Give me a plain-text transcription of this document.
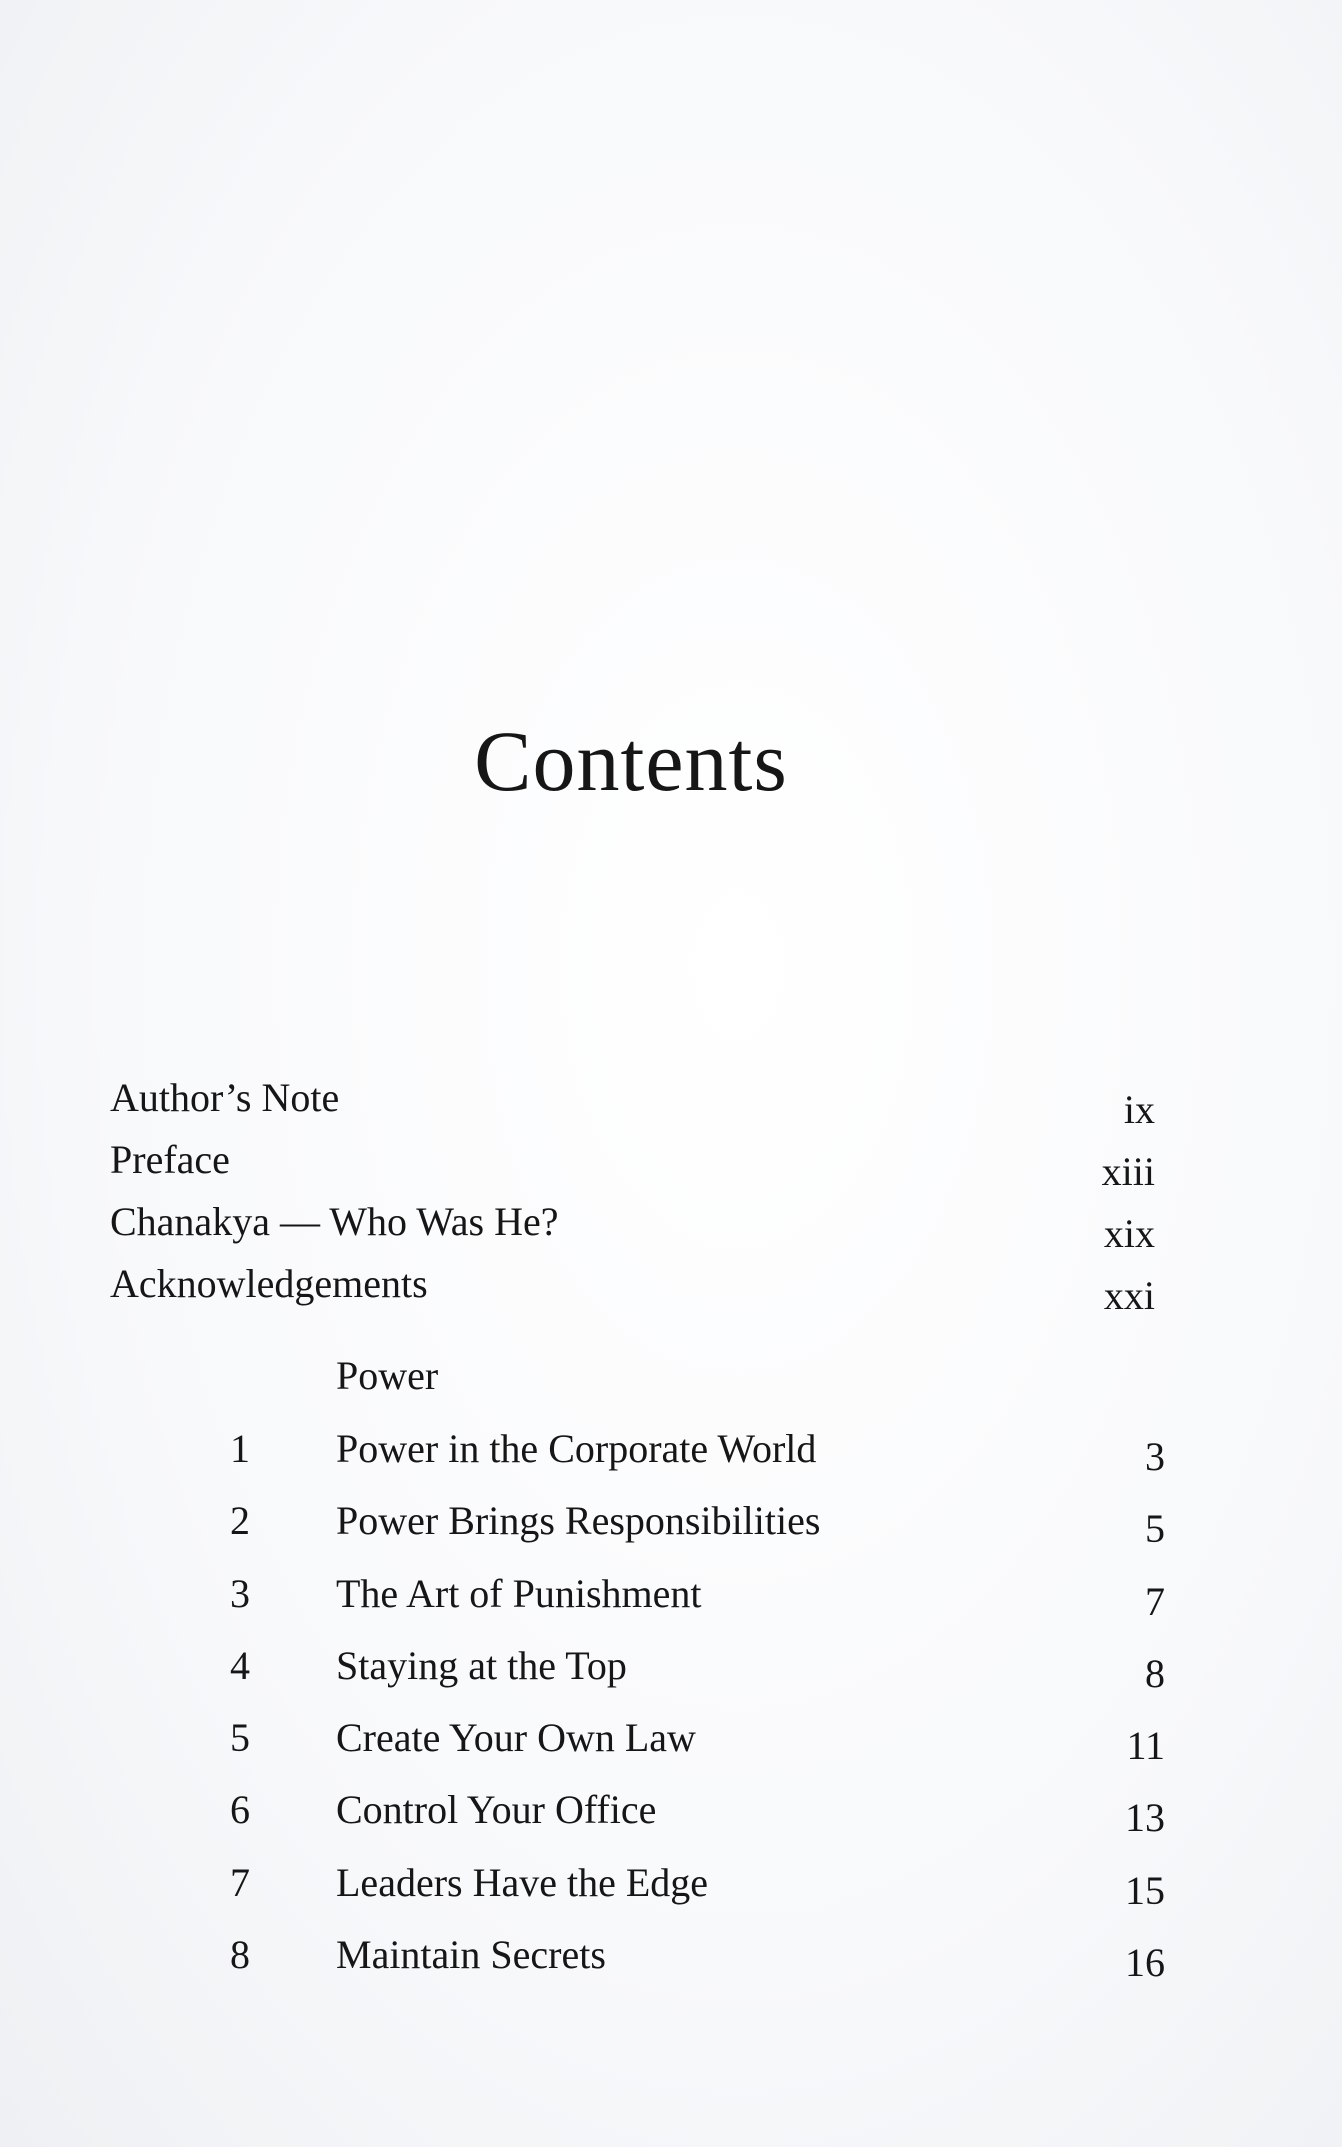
Contents
Author’s Note	ix
Preface	xiii
Chanakya — Who Was He?	xix
Acknowledgements	xxi
Power
1	Power in the Corporate World	3
2	Power Brings Responsibilities	5
3	The Art of Punishment	7
4	Staying at the Top	8
5	Create Your Own Law	11
6	Control Your Office	13
7	Leaders Have the Edge	15
8	Maintain Secrets	16
